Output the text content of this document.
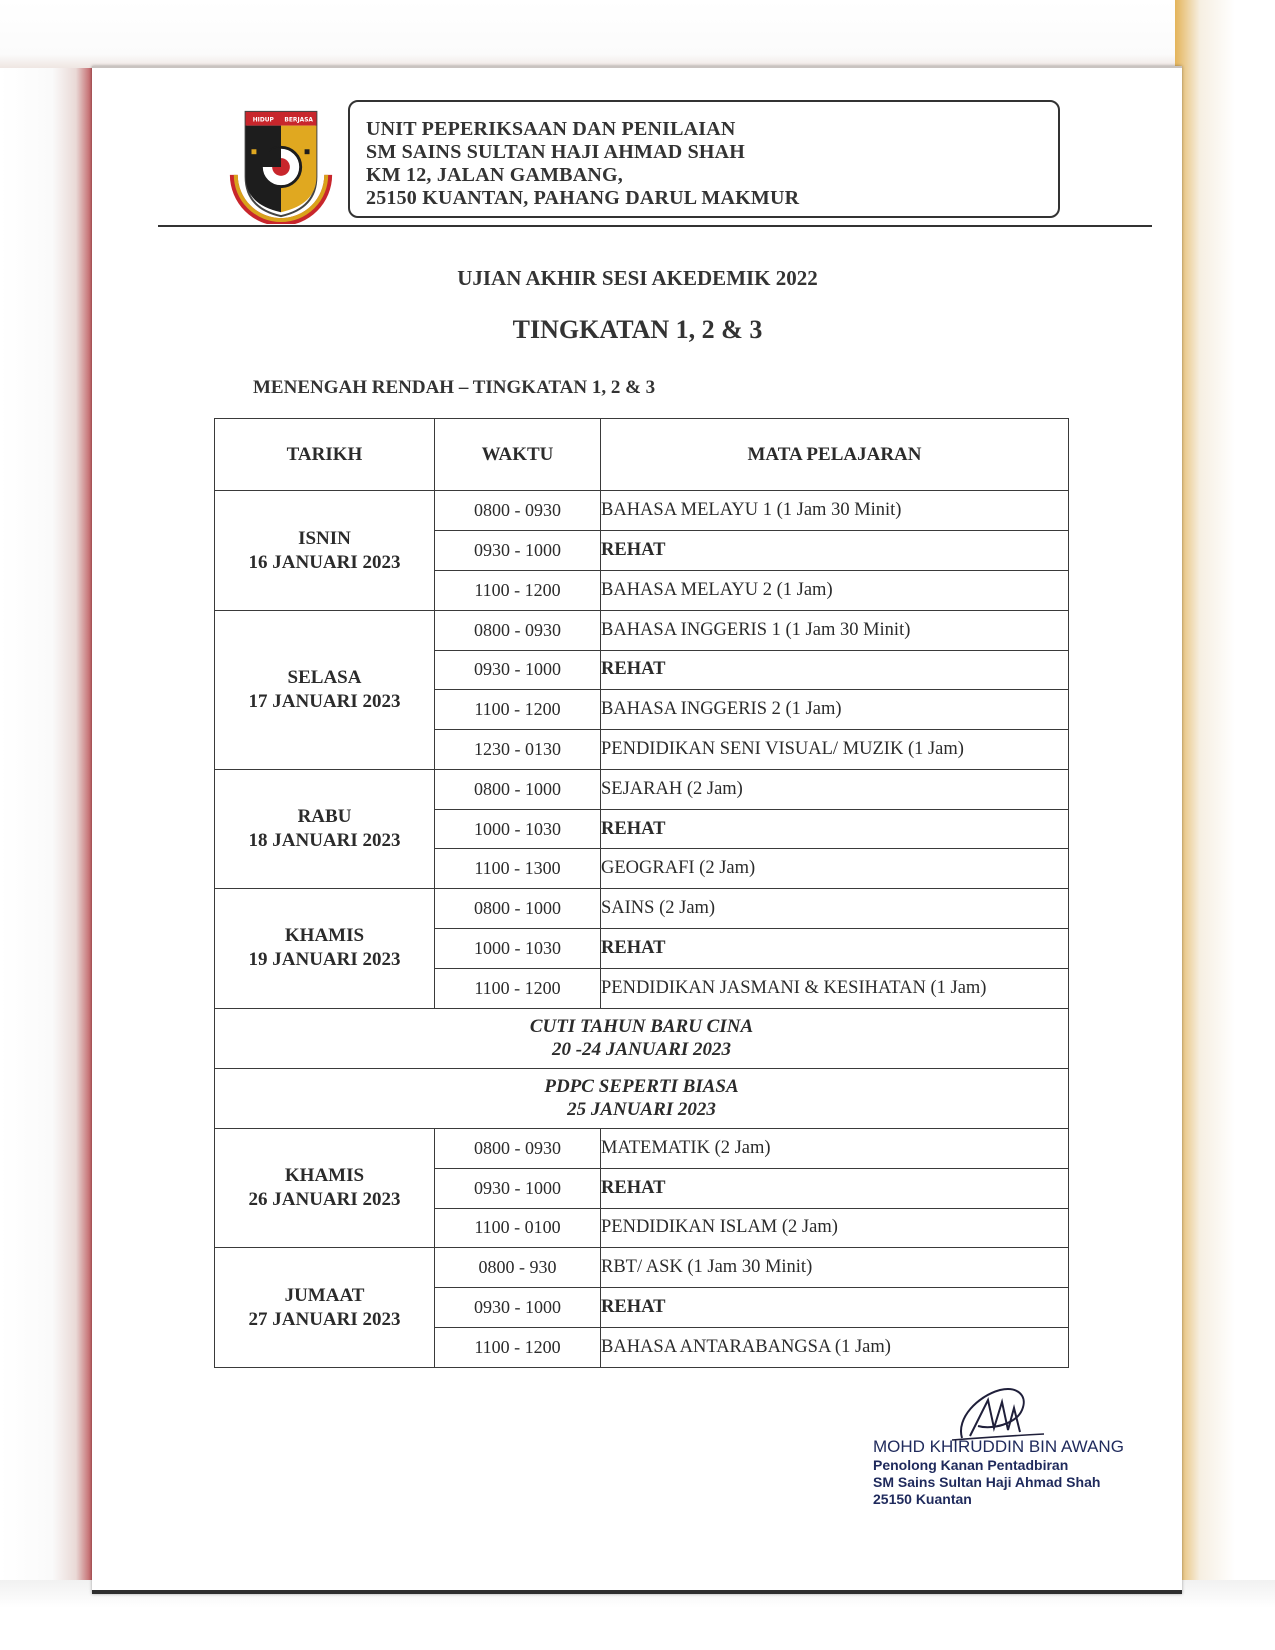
HIDUP BERJASA	UNIT PEPERIKSAAN DAN PENILAIAN
SM SAINS SULTAN HAJI AHMAD SHAH
KM 12, JALAN GAMBANG,
25150 KUANTAN, PAHANG DARUL MAKMUR
UJIAN AKHIR SESI AKEDEMIK 2022
TINGKATAN 1, 2 & 3
MENENGAH RENDAH – TINGKATAN 1, 2 & 3
TARIKH	WAKTU	MATA PELAJARAN

ISNIN
16 JANUARI 2023	0800 - 0930	BAHASA MELAYU 1 (1 Jam 30 Minit)
	0930 - 1000	REHAT
	1100 - 1200	BAHASA MELAYU 2 (1 Jam)

SELASA
17 JANUARI 2023	0800 - 0930	BAHASA INGGERIS 1 (1 Jam 30 Minit)
	0930 - 1000	REHAT
	1100 - 1200	BAHASA INGGERIS 2 (1 Jam)
	1230 - 0130	PENDIDIKAN SENI VISUAL/ MUZIK (1 Jam)

RABU
18 JANUARI 2023	0800 - 1000	SEJARAH (2 Jam)
	1000 - 1030	REHAT
	1100 - 1300	GEOGRAFI (2 Jam)

KHAMIS
19 JANUARI 2023	0800 - 1000	SAINS (2 Jam)
	1000 - 1030	REHAT
	1100 - 1200	PENDIDIKAN JASMANI & KESIHATAN (1 Jam)

CUTI TAHUN BARU CINA
20 -24 JANUARI 2023		

PDPC SEPERTI BIASA
25 JANUARI 2023		

KHAMIS
26 JANUARI 2023	0800 - 0930	MATEMATIK (2 Jam)
	0930 - 1000	REHAT
	1100 - 0100	PENDIDIKAN ISLAM (2 Jam)

JUMAAT
27 JANUARI 2023	0800 - 930	RBT/ ASK (1 Jam 30 Minit)
	0930 - 1000	REHAT
	1100 - 1200	BAHASA ANTARABANGSA (1 Jam)
MOHD KHIRUDDIN BIN AWANG
Penolong Kanan Pentadbiran
SM Sains Sultan Haji Ahmad Shah
25150 Kuantan
